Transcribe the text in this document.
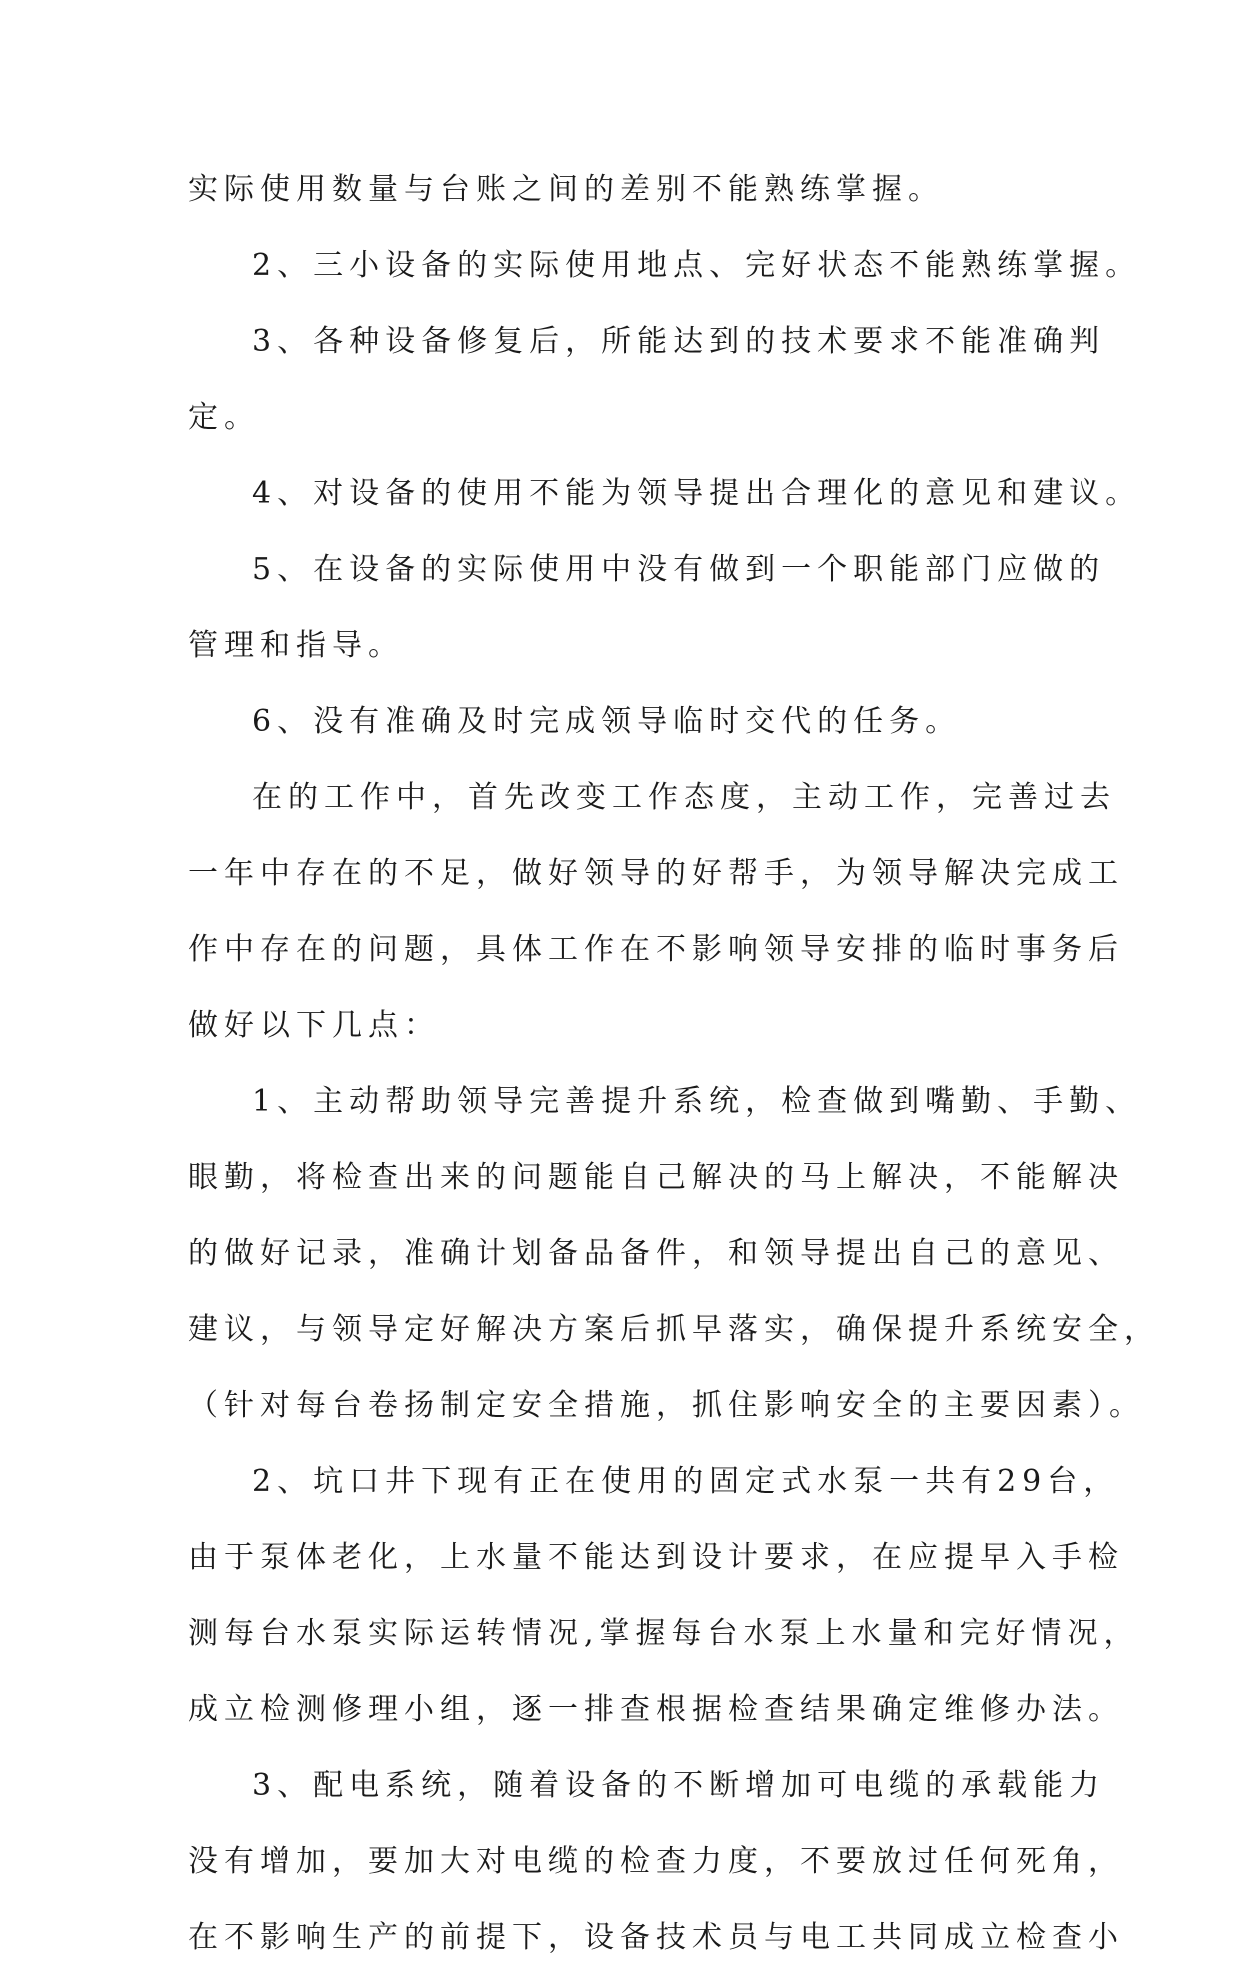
实际使用数量与台账之间的差别不能熟练掌握。
2、三小设备的实际使用地点、完好状态不能熟练掌握。
3、各种设备修复后，所能达到的技术要求不能准确判
定。
4、对设备的使用不能为领导提出合理化的意见和建议。
5、在设备的实际使用中没有做到一个职能部门应做的
管理和指导。
6、没有准确及时完成领导临时交代的任务。
在的工作中，首先改变工作态度，主动工作，完善过去
一年中存在的不足，做好领导的好帮手，为领导解决完成工
作中存在的问题，具体工作在不影响领导安排的临时事务后
做好以下几点：
1、主动帮助领导完善提升系统，检查做到嘴勤、手勤、
眼勤，将检查出来的问题能自己解决的马上解决，不能解决
的做好记录，准确计划备品备件，和领导提出自己的意见、
建议，与领导定好解决方案后抓早落实，确保提升系统安全，
（针对每台卷扬制定安全措施，抓住影响安全的主要因素）。
2、坑口井下现有正在使用的固定式水泵一共有29台，
由于泵体老化，上水量不能达到设计要求，在应提早入手检
测每台水泵实际运转情况,掌握每台水泵上水量和完好情况，
成立检测修理小组，逐一排查根据检查结果确定维修办法。
3、配电系统，随着设备的不断增加可电缆的承载能力
没有增加，要加大对电缆的检查力度，不要放过任何死角，
在不影响生产的前提下，设备技术员与电工共同成立检查小
